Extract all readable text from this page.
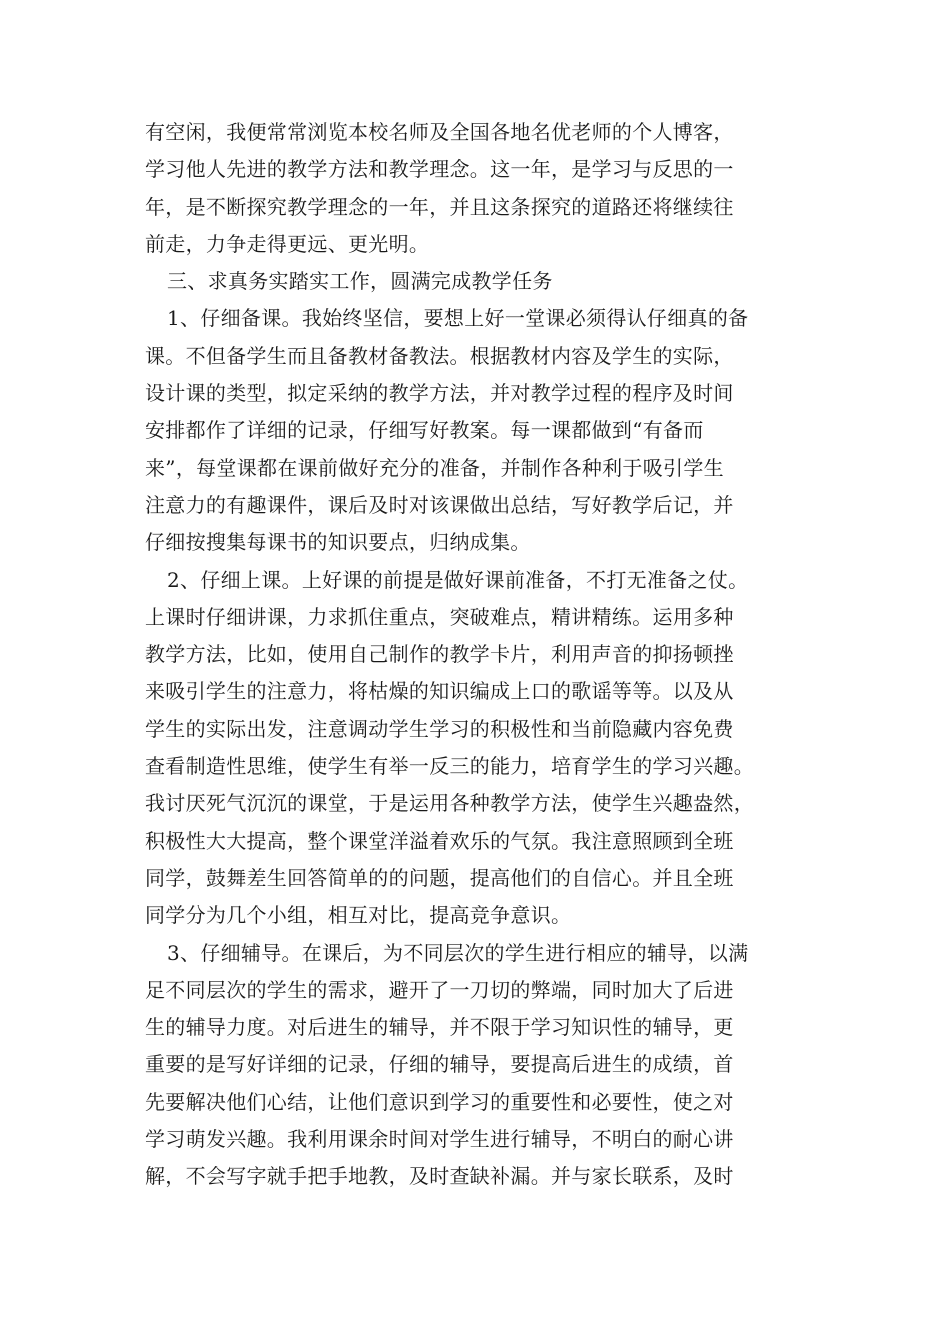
有空闲，我便常常浏览本校名师及全国各地名优老师的个人博客，
学习他人先进的教学方法和教学理念。这一年，是学习与反思的一
年，是不断探究教学理念的一年，并且这条探究的道路还将继续往
前走，力争走得更远、更光明。
三、求真务实踏实工作，圆满完成教学任务
1、仔细备课。我始终坚信，要想上好一堂课必须得认仔细真的备
课。不但备学生而且备教材备教法。根据教材内容及学生的实际，
设计课的类型，拟定采纳的教学方法，并对教学过程的程序及时间
安排都作了详细的记录，仔细写好教案。每一课都做到“有备而
来”，每堂课都在课前做好充分的准备，并制作各种利于吸引学生
注意力的有趣课件，课后及时对该课做出总结，写好教学后记，并
仔细按搜集每课书的知识要点，归纳成集。
2、仔细上课。上好课的前提是做好课前准备，不打无准备之仗。
上课时仔细讲课，力求抓住重点，突破难点，精讲精练。运用多种
教学方法，比如，使用自己制作的教学卡片，利用声音的抑扬顿挫
来吸引学生的注意力，将枯燥的知识编成上口的歌谣等等。以及从
学生的实际出发，注意调动学生学习的积极性和当前隐藏内容免费
查看制造性思维，使学生有举一反三的能力，培育学生的学习兴趣。
我讨厌死气沉沉的课堂，于是运用各种教学方法，使学生兴趣盎然，
积极性大大提高，整个课堂洋溢着欢乐的气氛。我注意照顾到全班
同学，鼓舞差生回答简单的的问题，提高他们的自信心。并且全班
同学分为几个小组，相互对比，提高竞争意识。
3、仔细辅导。在课后，为不同层次的学生进行相应的辅导，以满
足不同层次的学生的需求，避开了一刀切的弊端，同时加大了后进
生的辅导力度。对后进生的辅导，并不限于学习知识性的辅导，更
重要的是写好详细的记录，仔细的辅导，要提高后进生的成绩，首
先要解决他们心结，让他们意识到学习的重要性和必要性，使之对
学习萌发兴趣。我利用课余时间对学生进行辅导，不明白的耐心讲
解，不会写字就手把手地教，及时查缺补漏。并与家长联系，及时
